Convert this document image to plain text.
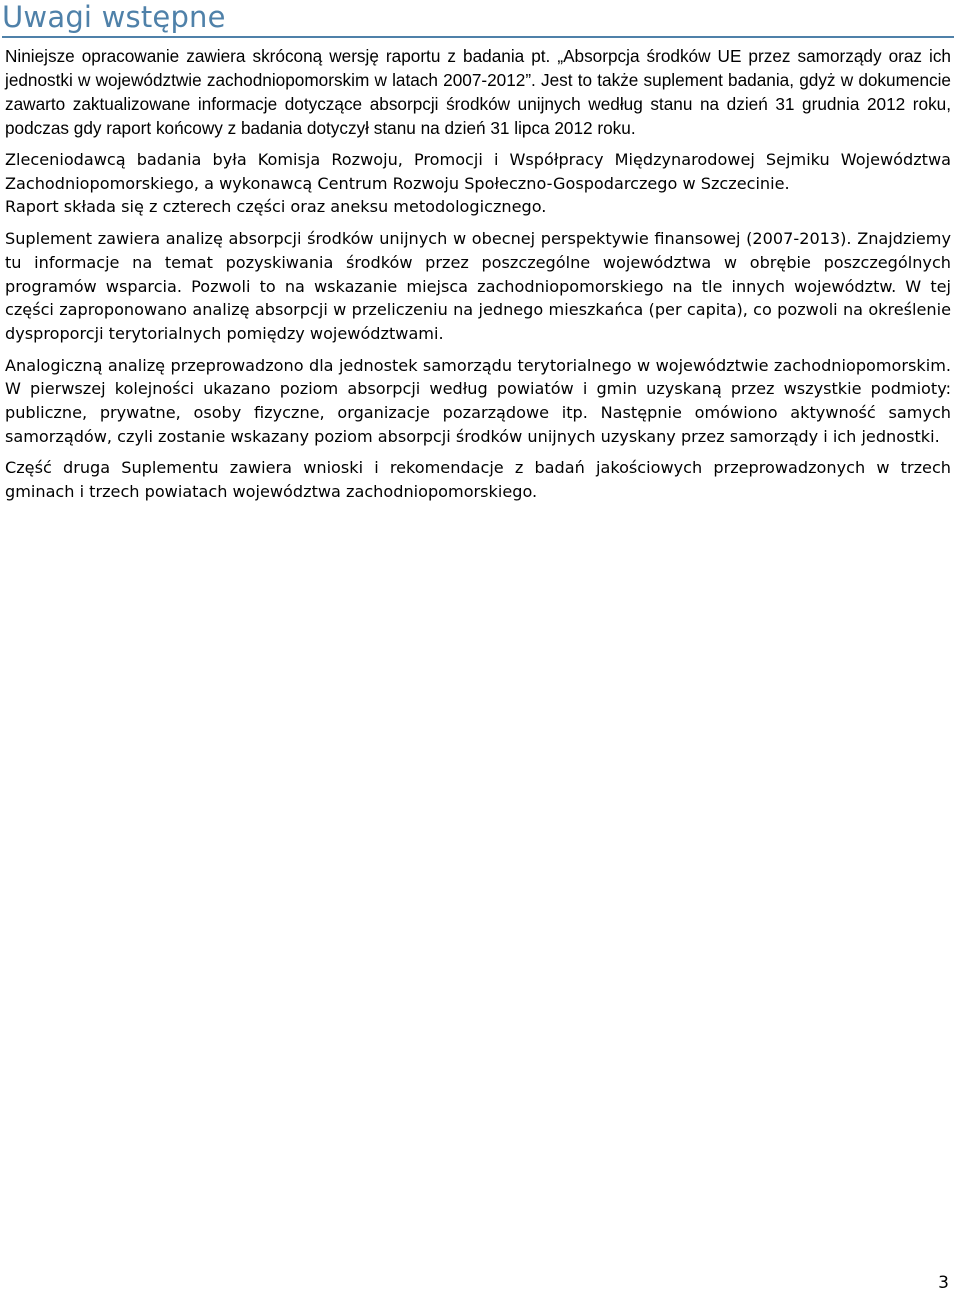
Uwagi wstępne

Niniejsze opracowanie zawiera skróconą wersję raportu z badania pt. „Absorpcja środków UE przez samorządy oraz ich jednostki w województwie zachodniopomorskim w latach 2007-2012”. Jest to także suplement badania, gdyż w dokumencie zawarto zaktualizowane informacje dotyczące absorpcji środków unijnych według stanu na dzień 31 grudnia 2012 roku, podczas gdy raport końcowy z badania dotyczył stanu na dzień 31 lipca 2012 roku.

Zleceniodawcą badania była Komisja Rozwoju, Promocji i Współpracy Międzynarodowej Sejmiku Województwa Zachodniopomorskiego, a wykonawcą Centrum Rozwoju Społeczno-Gospodarczego w Szczecinie.

Raport składa się z czterech części oraz aneksu metodologicznego.

Suplement zawiera analizę absorpcji środków unijnych w obecnej perspektywie finansowej (2007-2013). Znajdziemy tu informacje na temat pozyskiwania środków przez poszczególne województwa w obrębie poszczególnych programów wsparcia. Pozwoli to na wskazanie miejsca zachodniopomorskiego na tle innych województw. W tej części zaproponowano analizę absorpcji w przeliczeniu na jednego mieszkańca (per capita), co pozwoli na określenie dysproporcji terytorialnych pomiędzy województwami.

Analogiczną analizę przeprowadzono dla jednostek samorządu terytorialnego w województwie zachodniopomorskim. W pierwszej kolejności ukazano poziom absorpcji według powiatów i gmin uzyskaną przez wszystkie podmioty: publiczne, prywatne, osoby fizyczne, organizacje pozarządowe itp. Następnie omówiono aktywność samych samorządów, czyli zostanie wskazany poziom absorpcji środków unijnych uzyskany przez samorządy i ich jednostki.

Część druga Suplementu zawiera wnioski i rekomendacje z badań jakościowych przeprowadzonych w trzech gminach i trzech powiatach województwa zachodniopomorskiego.

3
